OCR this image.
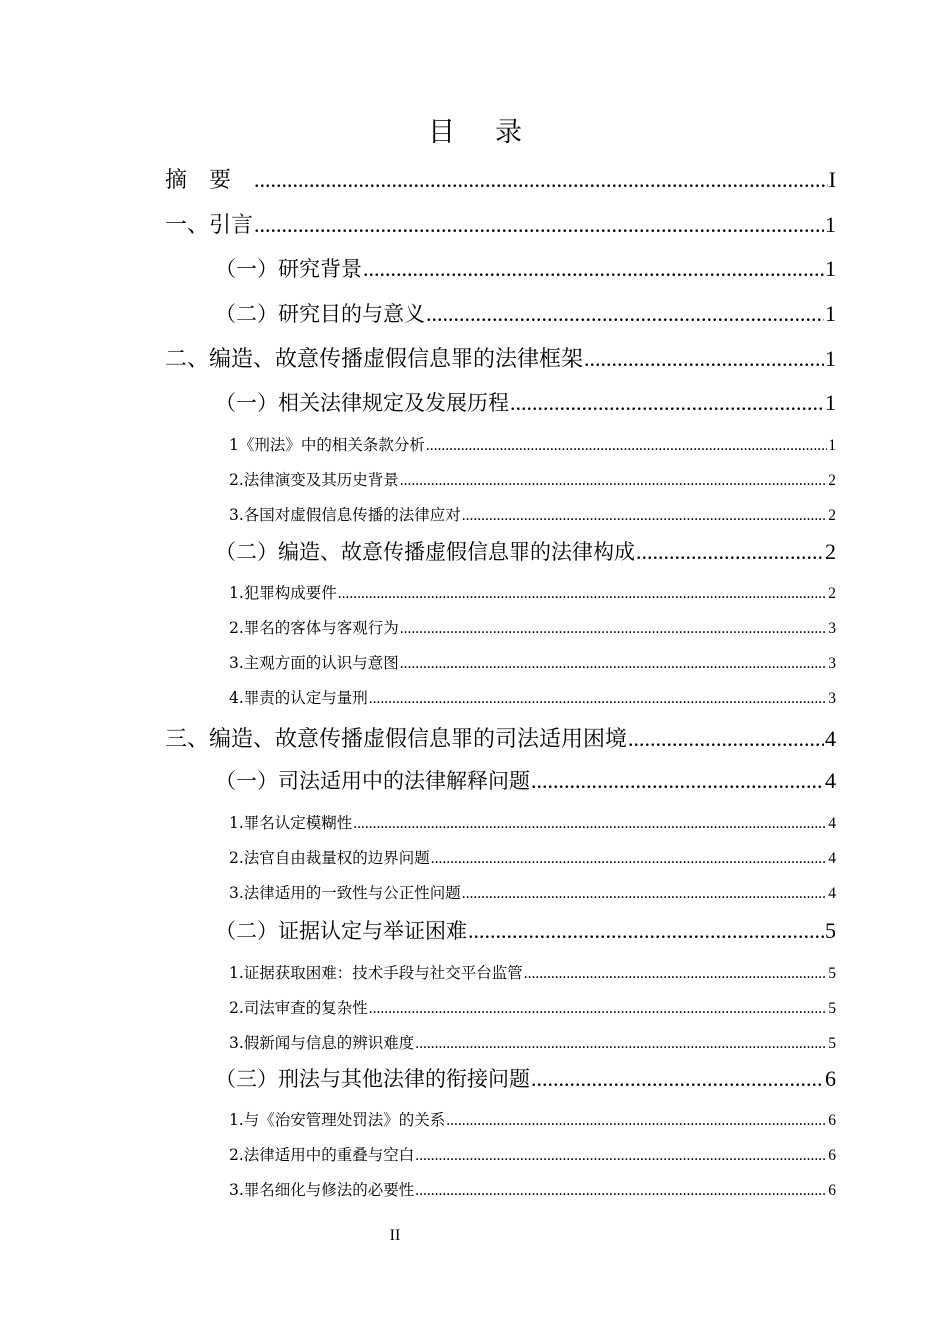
目录
摘要 .....	I
一、引言 .....	1
（一）研究背景 .....	1
（二）研究目的与意义 .....	1
二、编造、故意传播虚假信息罪的法律框架 .....	1
（一）相关法律规定及发展历程 .....	1
1《刑法》中的相关条款分析 .....	1
2.法律演变及其历史背景 .....	2
3.各国对虚假信息传播的法律应对 .....	2
（二）编造、故意传播虚假信息罪的法律构成 .....	2
1.犯罪构成要件 .....	2
2.罪名的客体与客观行为 .....	3
3.主观方面的认识与意图 .....	3
4.罪责的认定与量刑 .....	3
三、编造、故意传播虚假信息罪的司法适用困境 .....	4
（一）司法适用中的法律解释问题 .....	4
1.罪名认定模糊性 .....	4
2.法官自由裁量权的边界问题 .....	4
3.法律适用的一致性与公正性问题 .....	4
（二）证据认定与举证困难 .....	5
1.证据获取困难：技术手段与社交平台监管 .....	5
2.司法审查的复杂性 .....	5
3.假新闻与信息的辨识难度 .....	5
（三）刑法与其他法律的衔接问题 .....	6
1.与《治安管理处罚法》的关系 .....	6
2.法律适用中的重叠与空白 .....	6
3.罪名细化与修法的必要性 .....	6
II
